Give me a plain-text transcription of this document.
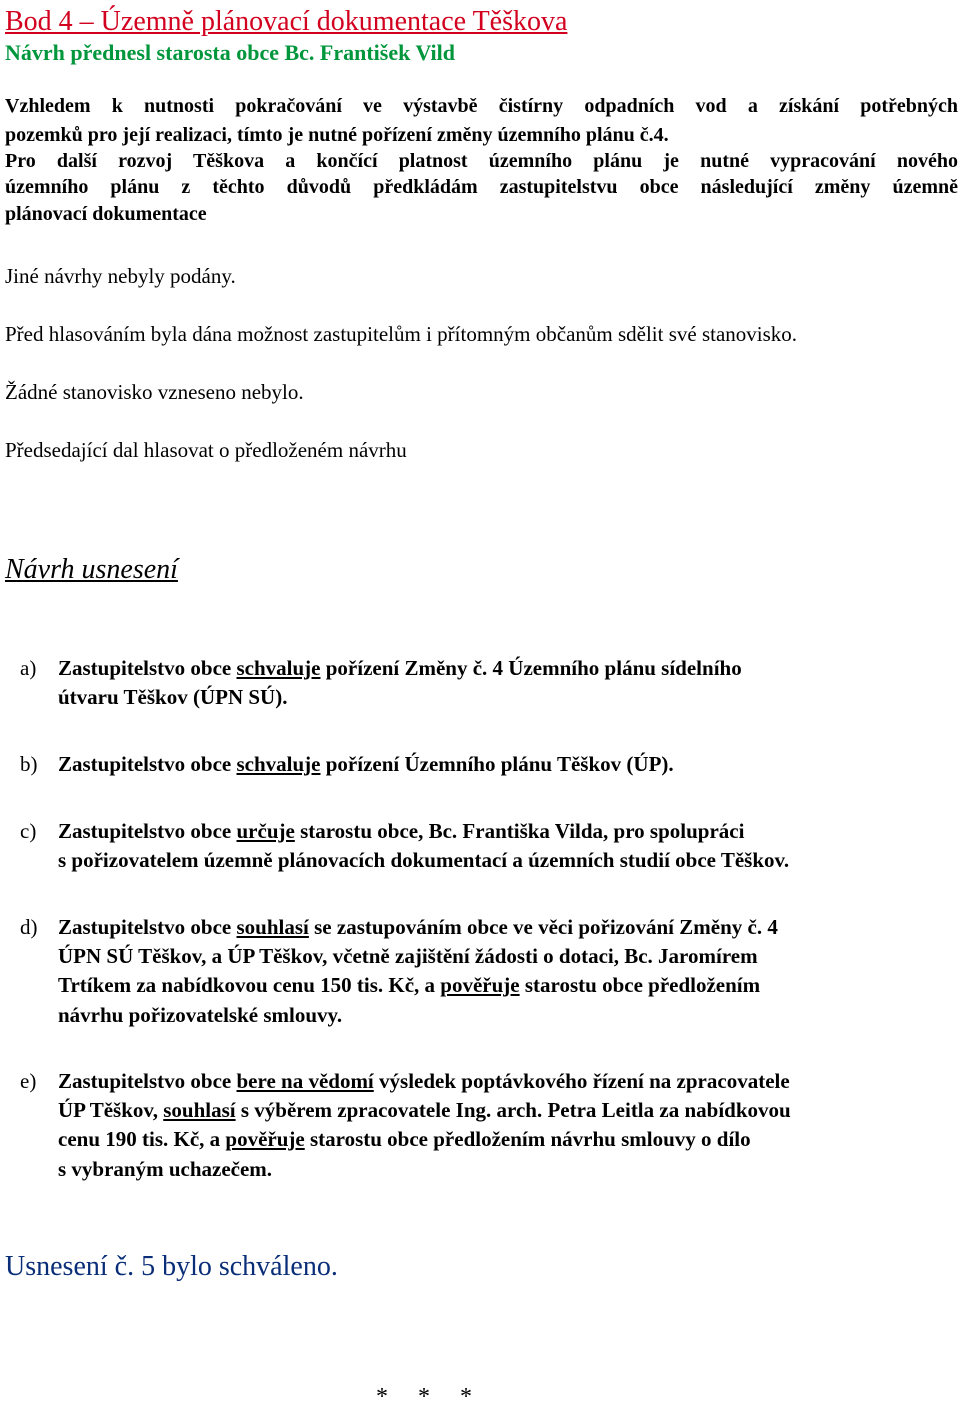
Bod 4 – Územně plánovací dokumentace Těškova
Návrh přednesl starosta obce Bc. František Vild
Vzhledem k nutnosti pokračování ve výstavbě čistírny odpadních vod a získání potřebných
pozemků pro její realizaci, tímto je nutné pořízení změny územního plánu č.4.
Pro další rozvoj Těškova a končící platnost územního plánu je nutné vypracování nového
územního plánu z těchto důvodů předkládám zastupitelstvu obce následující změny územně
plánovací dokumentace
Jiné návrhy nebyly podány.
Před hlasováním byla dána možnost zastupitelům i přítomným občanům sdělit své stanovisko.
Žádné stanovisko vzneseno nebylo.
Předsedající dal hlasovat o předloženém návrhu
Návrh usnesení
a) Zastupitelstvo obce schvaluje pořízení Změny č. 4 Územního plánu sídelního
útvaru Těškov (ÚPN SÚ).
b) Zastupitelstvo obce schvaluje pořízení Územního plánu Těškov (ÚP).
c) Zastupitelstvo obce určuje starostu obce, Bc. Františka Vilda, pro spolupráci
s pořizovatelem územně plánovacích dokumentací a územních studií obce Těškov.
d) Zastupitelstvo obce souhlasí se zastupováním obce ve věci pořizování Změny č. 4
ÚPN SÚ Těškov, a ÚP Těškov, včetně zajištění žádosti o dotaci, Bc. Jaromírem
Trtíkem za nabídkovou cenu 150 tis. Kč, a pověřuje starostu obce předložením
návrhu pořizovatelské smlouvy.
e) Zastupitelstvo obce bere na vědomí výsledek poptávkového řízení na zpracovatele
ÚP Těškov, souhlasí s výběrem zpracovatele Ing. arch. Petra Leitla za nabídkovou
cenu 190 tis. Kč, a pověřuje starostu obce předložením návrhu smlouvy o dílo
s vybraným uchazečem.
Usnesení č. 5 bylo schváleno.
*     *     *
